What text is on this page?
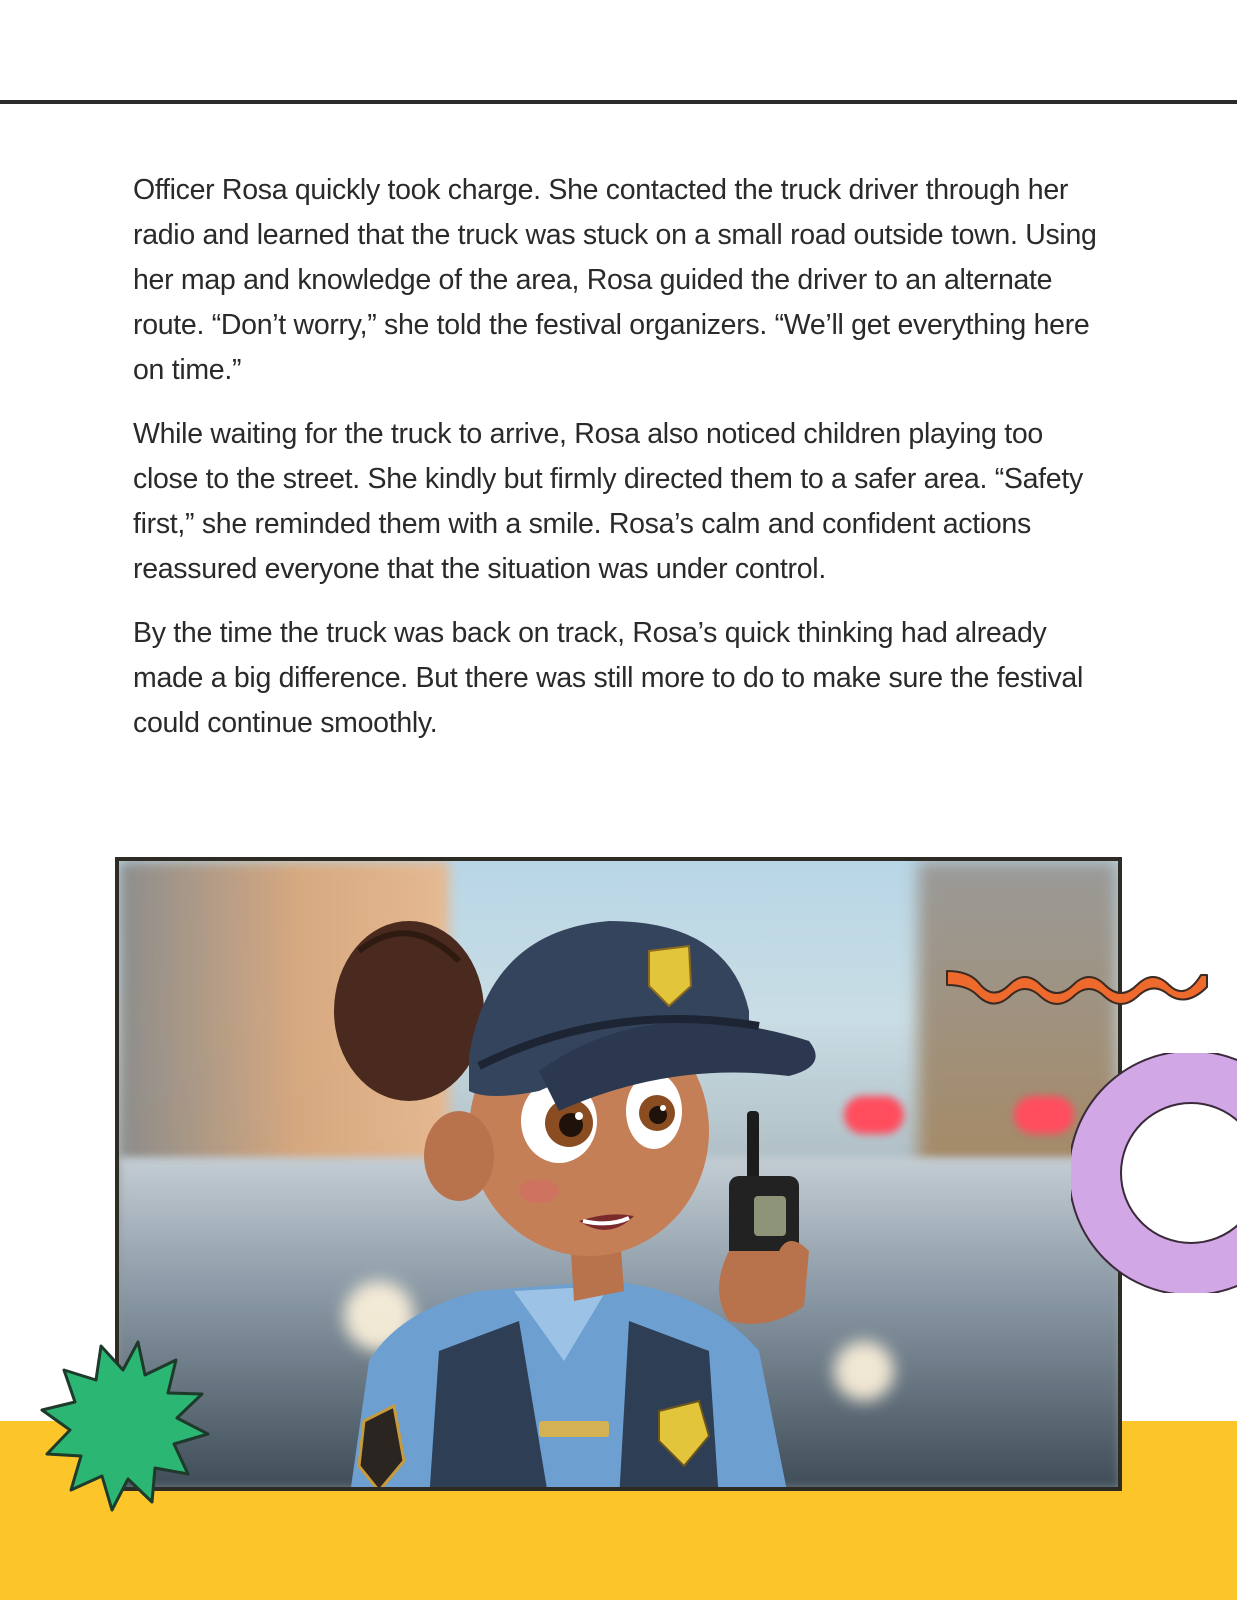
Officer Rosa quickly took charge. She contacted the truck driver through her radio and learned that the truck was stuck on a small road outside town. Using her map and knowledge of the area, Rosa guided the driver to an alternate route. “Don’t worry,” she told the festival organizers. “We’ll get everything here on time.”

While waiting for the truck to arrive, Rosa also noticed children playing too close to the street. She kindly but firmly directed them to a safer area. “Safety first,” she reminded them with a smile. Rosa’s calm and confident actions reassured everyone that the situation was under control.

By the time the truck was back on track, Rosa’s quick thinking had already made a big difference. But there was still more to do to make sure the festival could continue smoothly.
